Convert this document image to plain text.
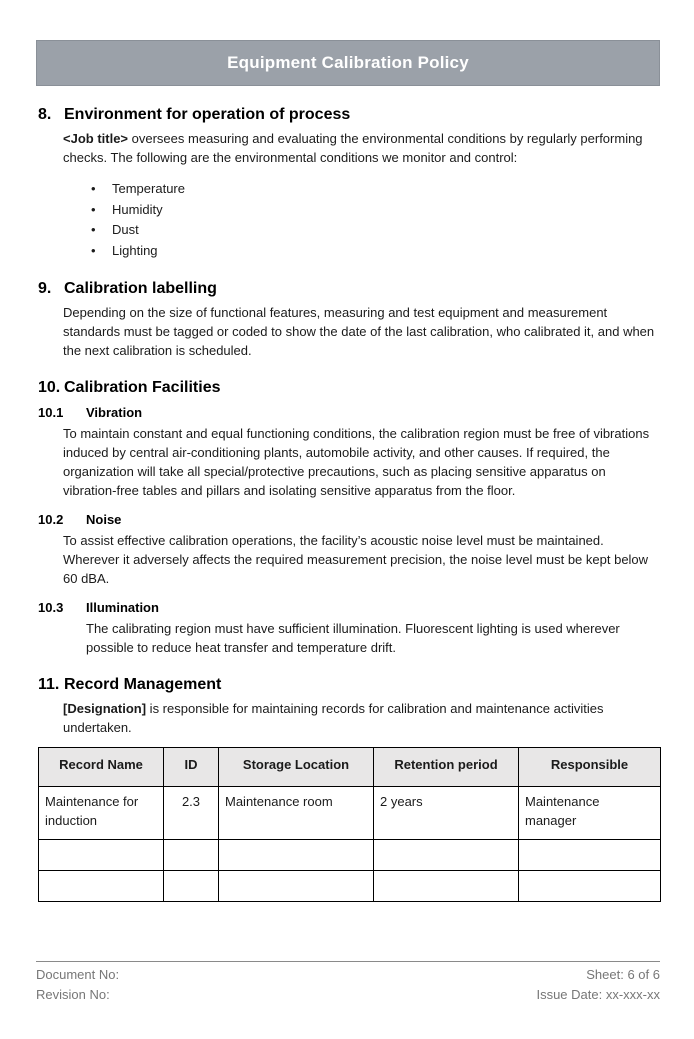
Equipment Calibration Policy
8. Environment for operation of process

<Job title> oversees measuring and evaluating the environmental conditions by regularly performing checks. The following are the environmental conditions we monitor and control:

• Temperature
• Humidity
• Dust
• Lighting
9. Calibration labelling

Depending on the size of functional features, measuring and test equipment and measurement standards must be tagged or coded to show the date of the last calibration, who calibrated it, and when the next calibration is scheduled.

10. Calibration Facilities
10.1	Vibration

To maintain constant and equal functioning conditions, the calibration region must be free of vibrations induced by central air-conditioning plants, automobile activity, and other causes. If required, the organization will take all special/protective precautions, such as placing sensitive apparatus on vibration-free tables and pillars and isolating sensitive apparatus from the floor.

10.2	Noise

To assist effective calibration operations, the facility’s acoustic noise level must be maintained. Wherever it adversely affects the required measurement precision, the noise level must be kept below 60 dBA.

10.3	Illumination

The calibrating region must have sufficient illumination. Fluorescent lighting is used wherever possible to reduce heat transfer and temperature drift.

11. Record Management

[Designation] is responsible for maintaining records for calibration and maintenance activities undertaken.

Record Name	ID	Storage Location	Retention period	Responsible
Maintenance for induction	2.3	Maintenance room	2 years	Maintenance manager

Document No:
Revision No:
Sheet: 6 of 6
Issue Date: xx-xxx-xx
